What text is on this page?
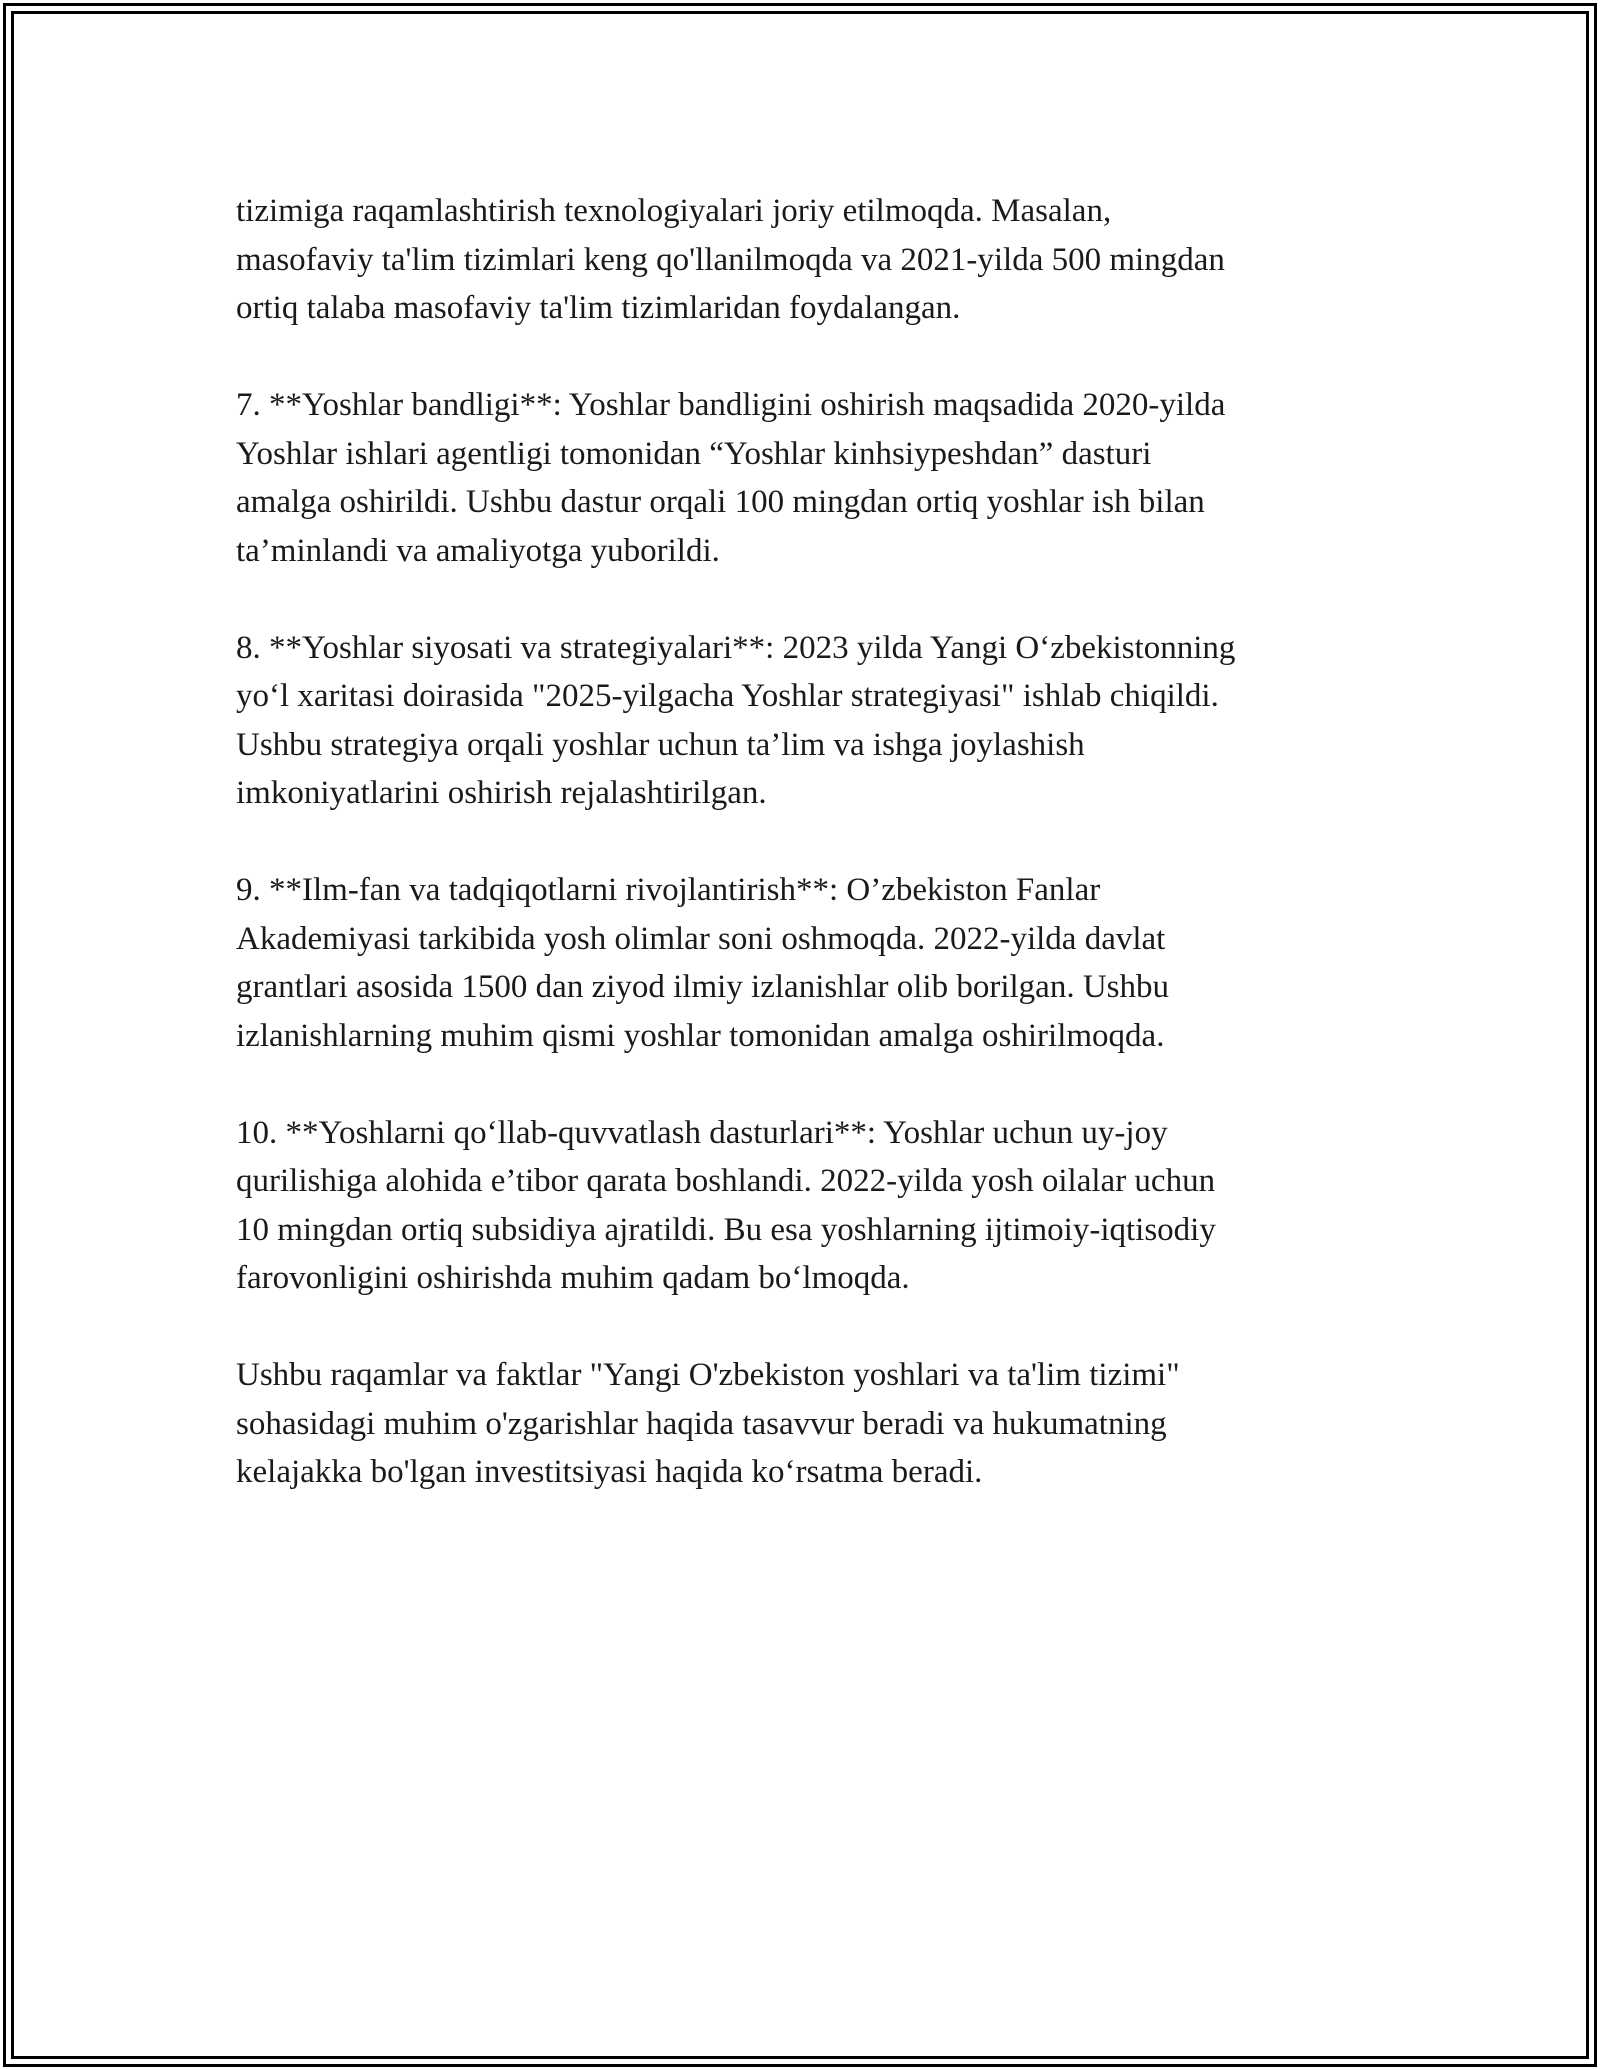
tizimiga raqamlashtirish texnologiyalari joriy etilmoqda. Masalan,
masofaviy ta'lim tizimlari keng qo'llanilmoqda va 2021-yilda 500 mingdan
ortiq talaba masofaviy ta'lim tizimlaridan foydalangan.

7. **Yoshlar bandligi**: Yoshlar bandligini oshirish maqsadida 2020-yilda
Yoshlar ishlari agentligi tomonidan “Yoshlar kinhsiypeshdan” dasturi
amalga oshirildi. Ushbu dastur orqali 100 mingdan ortiq yoshlar ish bilan
ta’minlandi va amaliyotga yuborildi.

8. **Yoshlar siyosati va strategiyalari**: 2023 yilda Yangi O‘zbekistonning
yo‘l xaritasi doirasida "2025-yilgacha Yoshlar strategiyasi" ishlab chiqildi.
Ushbu strategiya orqali yoshlar uchun ta’lim va ishga joylashish
imkoniyatlarini oshirish rejalashtirilgan.

9. **Ilm-fan va tadqiqotlarni rivojlantirish**: O’zbekiston Fanlar
Akademiyasi tarkibida yosh olimlar soni oshmoqda. 2022-yilda davlat
grantlari asosida 1500 dan ziyod ilmiy izlanishlar olib borilgan. Ushbu
izlanishlarning muhim qismi yoshlar tomonidan amalga oshirilmoqda.

10. **Yoshlarni qo‘llab-quvvatlash dasturlari**: Yoshlar uchun uy-joy
qurilishiga alohida e’tibor qarata boshlandi. 2022-yilda yosh oilalar uchun
10 mingdan ortiq subsidiya ajratildi. Bu esa yoshlarning ijtimoiy-iqtisodiy
farovonligini oshirishda muhim qadam bo‘lmoqda.

Ushbu raqamlar va faktlar "Yangi O'zbekiston yoshlari va ta'lim tizimi"
sohasidagi muhim o'zgarishlar haqida tasavvur beradi va hukumatning
kelajakka bo'lgan investitsiyasi haqida ko‘rsatma beradi.
